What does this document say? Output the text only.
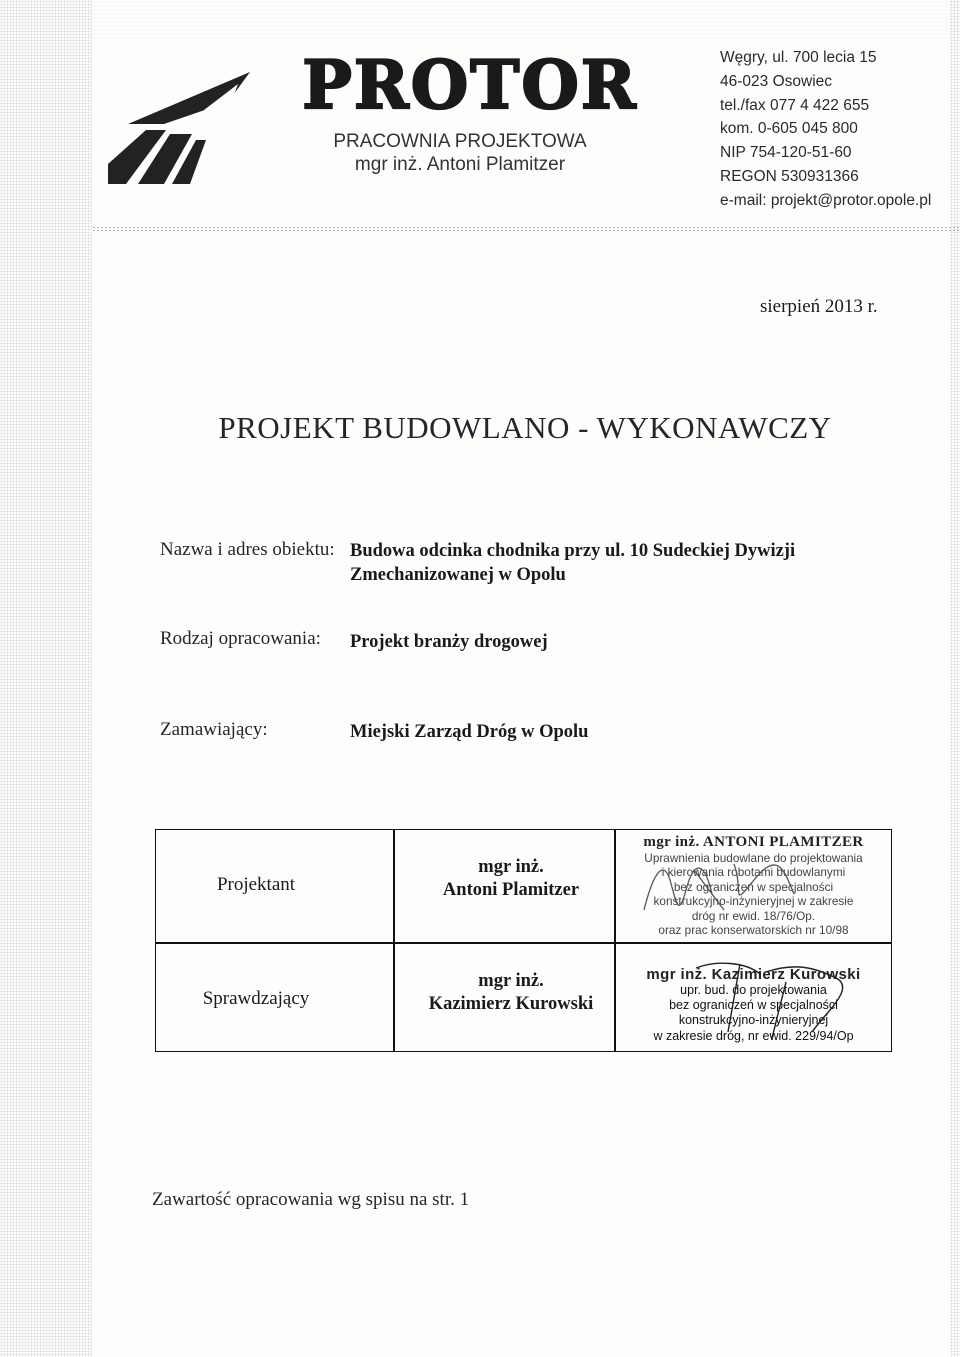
PROTOR
PRACOWNIA PROJEKTOWA
mgr inż. Antoni Plamitzer
Węgry, ul. 700 lecia 15
46-023 Osowiec
tel./fax 077 4 422 655
kom. 0-605 045 800
NIP 754-120-51-60
REGON 530931366
e-mail: projekt@protor.opole.pl
sierpień 2013 r.
PROJEKT BUDOWLANO - WYKONAWCZY
Nazwa i adres obiektu: Budowa odcinka chodnika przy ul. 10 Sudeckiej Dywizji
Zmechanizowanej w Opolu
Rodzaj opracowania: Projekt branży drogowej
Zamawiający:	Miejski Zarząd Dróg w Opolu
Projektant
mgr inż.
Antoni Plamitzer
mgr inż. ANTONI PLAMITZER
Uprawnienia budowlane do projektowania
i kierowania robotami budowlanymi
bez ograniczeń w specjalności
konstrukcyjno-inżynieryjnej w zakresie
dróg nr ewid. 18/76/Op.
oraz prac konserwatorskich nr 10/98
Sprawdzający
mgr inż.
Kazimierz Kurowski
mgr inż. Kazimierz Kurowski
upr. bud. do projektowania
bez ograniczeń w specjalności
konstrukcyjno-inżynieryjnej
w zakresie dróg, nr ewid. 229/94/Op
Zawartość opracowania wg spisu na str. 1
